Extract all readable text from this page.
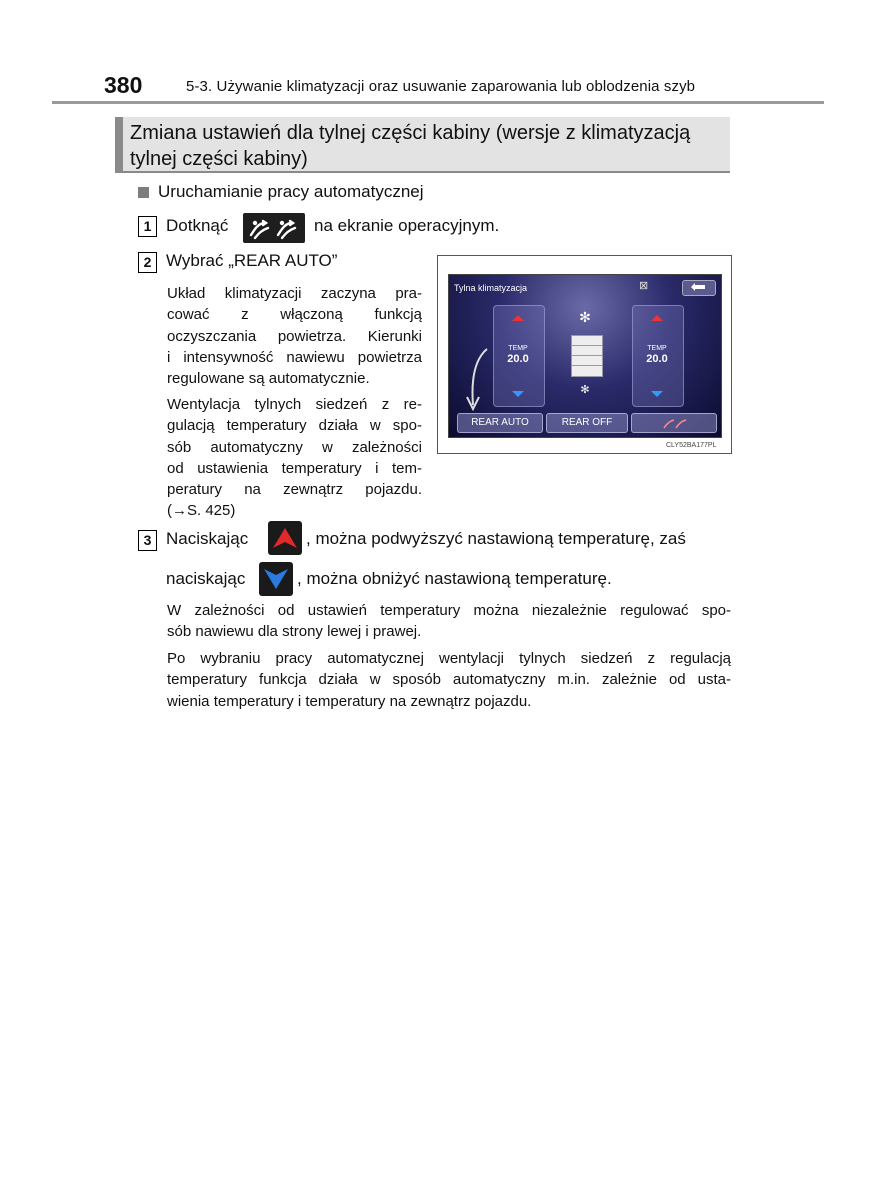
380	5-3. Używanie klimatyzacji oraz usuwanie zaparowania lub oblodzenia szyb
Zmiana ustawień dla tylnej części kabiny (wersje z klimatyzacją
tylnej części kabiny)
Uruchamianie pracy automatycznej
1 Dotknąć	na ekranie operacyjnym.
2 Wybrać „REAR AUTO”
Układ klimatyzacji zaczyna pra-
cować z włączoną funkcją
oczyszczania powietrza. Kierunki
i intensywność nawiewu powietrza
regulowane są automatycznie.
Wentylacja tylnych siedzeń z re-
gulacją temperatury działa w spo-
sób automatyczny w zależności
od ustawienia temperatury i tem-
peratury na zewnątrz pojazdu.
(→S. 425)
Tylna klimatyzacja	⊠
TEMP
20.0
✻
✻
TEMP
20.0
REAR AUTO	REAR OFF
CLY52BA177PL
3 Naciskając	, można podwyższyć nastawioną temperaturę, zaś
naciskając	, można obniżyć nastawioną temperaturę.
W zależności od ustawień temperatury można niezależnie regulować spo-
sób nawiewu dla strony lewej i prawej.
Po wybraniu pracy automatycznej wentylacji tylnych siedzeń z regulacją
temperatury funkcja działa w sposób automatyczny m.in. zależnie od usta-
wienia temperatury i temperatury na zewnątrz pojazdu.
